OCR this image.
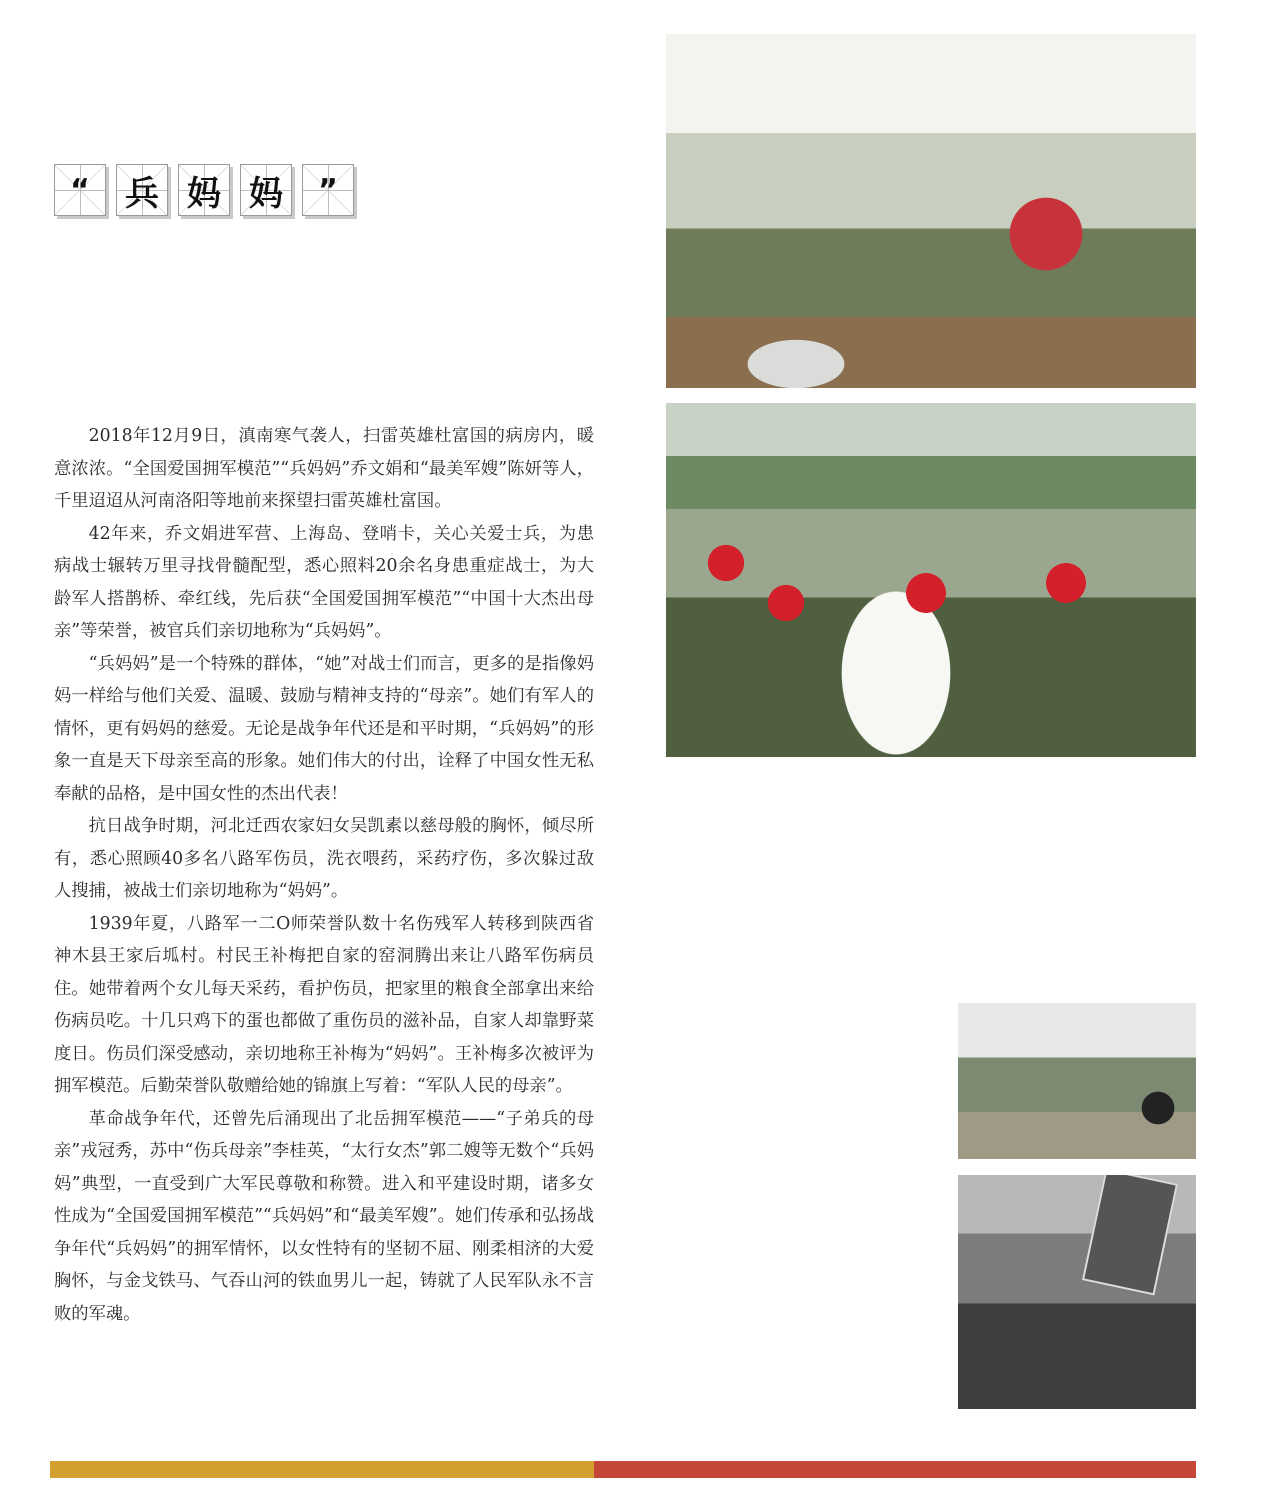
“	兵 妈 妈	”

2018年12月9日，滇南寒气袭人，扫雷英雄杜富国的病房内，暖意浓浓。“全国爱国拥军模范”“兵妈妈”乔文娟和“最美军嫂”陈妍等人，千里迢迢从河南洛阳等地前来探望扫雷英雄杜富国。

42年来，乔文娟进军营、上海岛、登哨卡，关心关爱士兵，为患病战士辗转万里寻找骨髓配型，悉心照料20余名身患重症战士，为大龄军人搭鹊桥、牵红线，先后获“全国爱国拥军模范”“中国十大杰出母亲”等荣誉，被官兵们亲切地称为“兵妈妈”。

“兵妈妈”是一个特殊的群体，“她”对战士们而言，更多的是指像妈妈一样给与他们关爱、温暖、鼓励与精神支持的“母亲”。她们有军人的情怀，更有妈妈的慈爱。无论是战争年代还是和平时期，“兵妈妈”的形象一直是天下母亲至高的形象。她们伟大的付出，诠释了中国女性无私奉献的品格，是中国女性的杰出代表！

抗日战争时期，河北迁西农家妇女吴凯素以慈母般的胸怀，倾尽所有，悉心照顾40多名八路军伤员，洗衣喂药，采药疗伤，多次躲过敌人搜捕，被战士们亲切地称为“妈妈”。

1939年夏，八路军一二O师荣誉队数十名伤残军人转移到陕西省神木县王家后坬村。村民王补梅把自家的窑洞腾出来让八路军伤病员住。她带着两个女儿每天采药，看护伤员，把家里的粮食全部拿出来给伤病员吃。十几只鸡下的蛋也都做了重伤员的滋补品，自家人却靠野菜度日。伤员们深受感动，亲切地称王补梅为“妈妈”。王补梅多次被评为拥军模范。后勤荣誉队敬赠给她的锦旗上写着：“军队人民的母亲”。

革命战争年代，还曾先后涌现出了北岳拥军模范——“子弟兵的母亲”戎冠秀，苏中“伤兵母亲”李桂英，“太行女杰”郭二嫂等无数个“兵妈妈”典型，一直受到广大军民尊敬和称赞。进入和平建设时期，诸多女性成为“全国爱国拥军模范”“兵妈妈”和“最美军嫂”。她们传承和弘扬战争年代“兵妈妈”的拥军情怀，以女性特有的坚韧不屈、刚柔相济的大爱胸怀，与金戈铁马、气吞山河的铁血男儿一起，铸就了人民军队永不言败的军魂。
